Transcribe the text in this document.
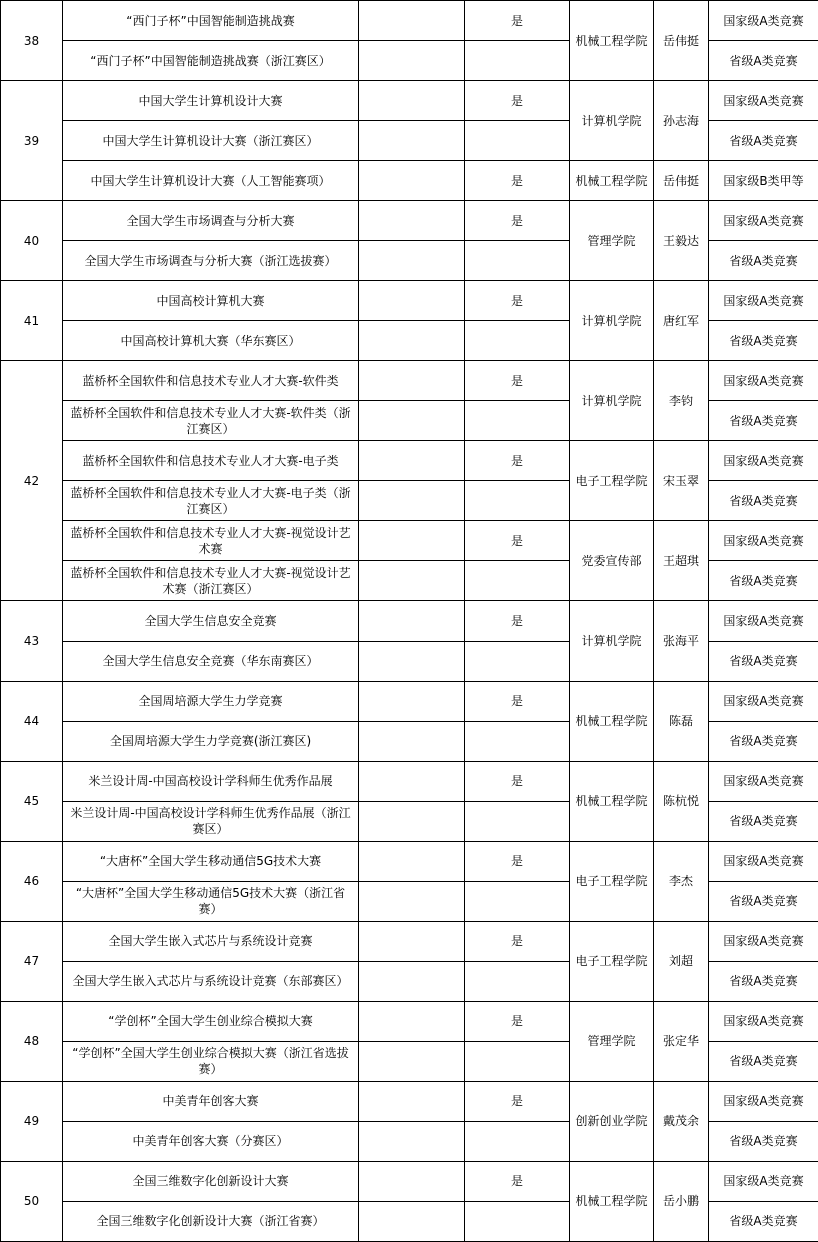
38	“西门子杯”中国智能制造挑战赛		是	机械工程学院	岳伟挺	国家级A类竞赛
	“西门子杯”中国智能制造挑战赛（浙江赛区）					省级A类竞赛
39	中国大学生计算机设计大赛		是	计算机学院	孙志海	国家级A类竞赛
	中国大学生计算机设计大赛（浙江赛区）					省级A类竞赛
	中国大学生计算机设计大赛（人工智能赛项）		是	机械工程学院	岳伟挺	国家级B类甲等
40	全国大学生市场调查与分析大赛		是	管理学院	王毅达	国家级A类竞赛
	全国大学生市场调查与分析大赛（浙江选拔赛）					省级A类竞赛
41	中国高校计算机大赛		是	计算机学院	唐红军	国家级A类竞赛
	中国高校计算机大赛（华东赛区）					省级A类竞赛
42	蓝桥杯全国软件和信息技术专业人才大赛-软件类		是	计算机学院	李钧	国家级A类竞赛
	蓝桥杯全国软件和信息技术专业人才大赛-软件类（浙江赛区）					省级A类竞赛
	蓝桥杯全国软件和信息技术专业人才大赛-电子类		是	电子工程学院	宋玉翠	国家级A类竞赛
	蓝桥杯全国软件和信息技术专业人才大赛-电子类（浙江赛区）					省级A类竞赛
	蓝桥杯全国软件和信息技术专业人才大赛-视觉设计艺术赛		是	党委宣传部	王超琪	国家级A类竞赛
	蓝桥杯全国软件和信息技术专业人才大赛-视觉设计艺术赛（浙江赛区）					省级A类竞赛
43	全国大学生信息安全竞赛		是	计算机学院	张海平	国家级A类竞赛
	全国大学生信息安全竞赛（华东南赛区）					省级A类竞赛
44	全国周培源大学生力学竞赛		是	机械工程学院	陈磊	国家级A类竞赛
	全国周培源大学生力学竞赛(浙江赛区)					省级A类竞赛
45	米兰设计周-中国高校设计学科师生优秀作品展		是	机械工程学院	陈杭悦	国家级A类竞赛
	米兰设计周-中国高校设计学科师生优秀作品展（浙江赛区）					省级A类竞赛
46	“大唐杯”全国大学生移动通信5G技术大赛		是	电子工程学院	李杰	国家级A类竞赛
	“大唐杯”全国大学生移动通信5G技术大赛（浙江省赛）					省级A类竞赛
47	全国大学生嵌入式芯片与系统设计竞赛		是	电子工程学院	刘超	国家级A类竞赛
	全国大学生嵌入式芯片与系统设计竞赛（东部赛区）					省级A类竞赛
48	“学创杯”全国大学生创业综合模拟大赛		是	管理学院	张定华	国家级A类竞赛
	“学创杯”全国大学生创业综合模拟大赛（浙江省选拔赛）					省级A类竞赛
49	中美青年创客大赛		是	创新创业学院	戴茂余	国家级A类竞赛
	中美青年创客大赛（分赛区）					省级A类竞赛
50	全国三维数字化创新设计大赛		是	机械工程学院	岳小鹏	国家级A类竞赛
	全国三维数字化创新设计大赛（浙江省赛）					省级A类竞赛
